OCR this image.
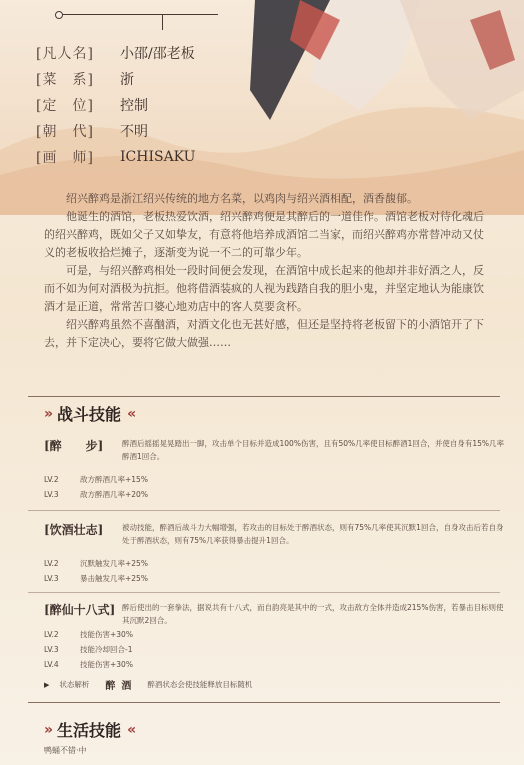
[凡人名]	小邵/邵老板
[菜　系]	浙
[定　位]	控制
[朝　代]	不明
[画　师]	ICHISAKU

绍兴醉鸡是浙江绍兴传统的地方名菜，以鸡肉与绍兴酒相配，酒香馥郁。

他诞生的酒馆，老板热爱饮酒，绍兴醉鸡便是其醉后的一道佳作。酒馆老板对待化魂后的绍兴醉鸡，既如父子又如挚友，有意将他培养成酒馆二当家，而绍兴醉鸡亦常替冲动又仗义的老板收拾烂摊子，逐渐变为说一不二的可靠少年。

可是，与绍兴醉鸡相处一段时间便会发现，在酒馆中成长起来的他却并非好酒之人，反而不如为何对酒极为抗拒。他将借酒装疯的人视为践踏自我的胆小鬼，并坚定地认为能康饮酒才是正道，常常苦口婆心地劝店中的客人莫要贪杯。

绍兴醉鸡虽然不喜酗酒，对酒文化也无甚好感，但还是坚持将老板留下的小酒馆开了下去，并下定决心，要将它做大做强……

» 战斗技能 «
[醉　　步] 醉酒后摇摇晃晃踏出一脚，攻击单个目标并造成100%伤害，且有50%几率使目标醉酒1回合，并使自身有15%几率醉酒1回合。
LV.2	敌方醉酒几率+15%
LV.3	敌方醉酒几率+20%
[饮酒壮志] 被动技能，醉酒后战斗力大幅增强，若攻击的目标处于醉酒状态，则有75%几率使其沉默1回合，自身攻击后若自身处于醉酒状态，则有75%几率获得暴击提升1回合。
LV.2	沉默触发几率+25%
LV.3	暴击触发几率+25%
[醉仙十八式] 醉后使出的一套拳法，据说共有十八式，而自韵亮是其中的一式，攻击敌方全体并造成215%伤害，若暴击目标则使其沉默2回合。
LV.2	技能伤害+30%
LV.3	技能冷却回合-1
LV.4	技能伤害+30%
▶ 状态解析 醉酒 醉酒状态会使技能释放目标随机
» 生活技能 «
鸭蛹不错·中
